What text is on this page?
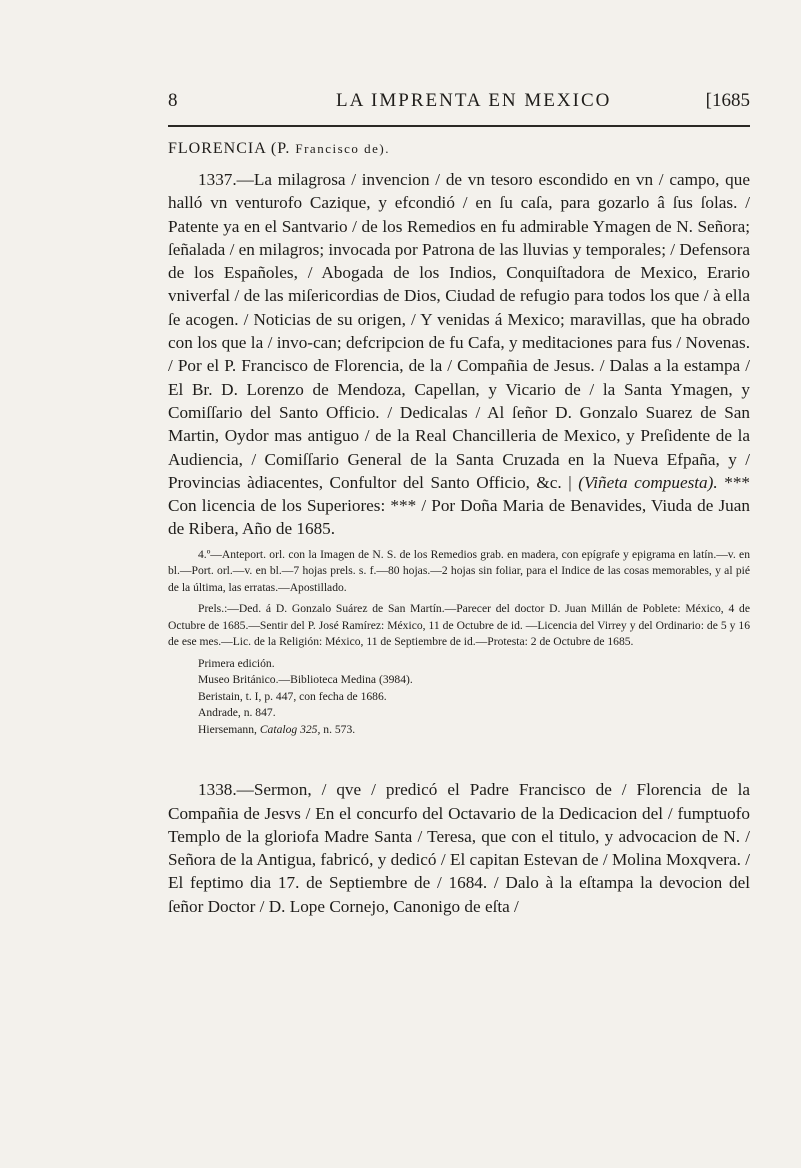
8	LA IMPRENTA EN MEXICO	[1685
FLORENCIA (P. Francisco de).

1337.—La milagrosa / invencion / de vn tesoro escondido en vn / campo, que halló vn venturofo Cazique, y efcondió / en ſu caſa, para gozarlo â ſus ſolas. / Patente ya en el Santvario / de los Remedios en fu admirable Ymagen de N. Señora; ſeñalada / en milagros; invocada por Patrona de las lluvias y temporales; / Defensora de los Españoles, / Abogada de los Indios, Conquiſtadora de Mexico, Erario vniverfal / de las miſericordias de Dios, Ciudad de refugio para todos los que / à ella ſe acogen. / Noticias de su origen, / Y venidas á Mexico; maravillas, que ha obrado con los que la / invo-can; defcripcion de fu Cafa, y meditaciones para fus / Novenas. / Por el P. Francisco de Florencia, de la / Compañia de Jesus. / Dalas a la estampa / El Br. D. Lorenzo de Mendoza, Capellan, y Vicario de / la Santa Ymagen, y Comiſſario del Santo Officio. / Dedicalas / Al ſeñor D. Gonzalo Suarez de San Martin, Oydor mas antiguo / de la Real Chancilleria de Mexico, y Preſidente de la Audiencia, / Comiſſario General de la Santa Cruzada en la Nueva Efpaña, y / Provincias àdiacentes, Confultor del Santo Officio, &c. | (Viñeta compuesta). *** Con licencia de los Superiores: *** / Por Doña Maria de Benavides, Viuda de Juan de Ribera, Año de 1685.

4.º—Anteport. orl. con la Imagen de N. S. de los Remedios grab. en madera, con epígrafe y epigrama en latín.—v. en bl.—Port. orl.—v. en bl.—7 hojas prels. s. f.—80 hojas.—2 hojas sin foliar, para el Indice de las cosas memorables, y al pié de la última, las erratas.—Apostillado.

Prels.:—Ded. á D. Gonzalo Suárez de San Martín.—Parecer del doctor D. Juan Millán de Poblete: México, 4 de Octubre de 1685.—Sentir del P. José Ramírez: México, 11 de Octubre de id. —Licencia del Virrey y del Ordinario: de 5 y 16 de ese mes.—Lic. de la Religión: México, 11 de Septiembre de id.—Protesta: 2 de Octubre de 1685.

Primera edición.

Museo Británico.—Biblioteca Medina (3984).

Beristain, t. I, p. 447, con fecha de 1686.

Andrade, n. 847.

Hiersemann, Catalog 325, n. 573.

1338.—Sermon, / qve / predicó el Padre Francisco de / Florencia de la Compañia de Jesvs / En el concurfo del Octavario de la Dedicacion del / fumptuofo Templo de la gloriofa Madre Santa / Teresa, que con el titulo, y advocacion de N. / Señora de la Antigua, fabricó, y dedicó / El capitan Estevan de / Molina Moxqvera. / El feptimo dia 17. de Septiembre de / 1684. / Dalo à la eſtampa la devocion del ſeñor Doctor / D. Lope Cornejo, Canonigo de eſta /
